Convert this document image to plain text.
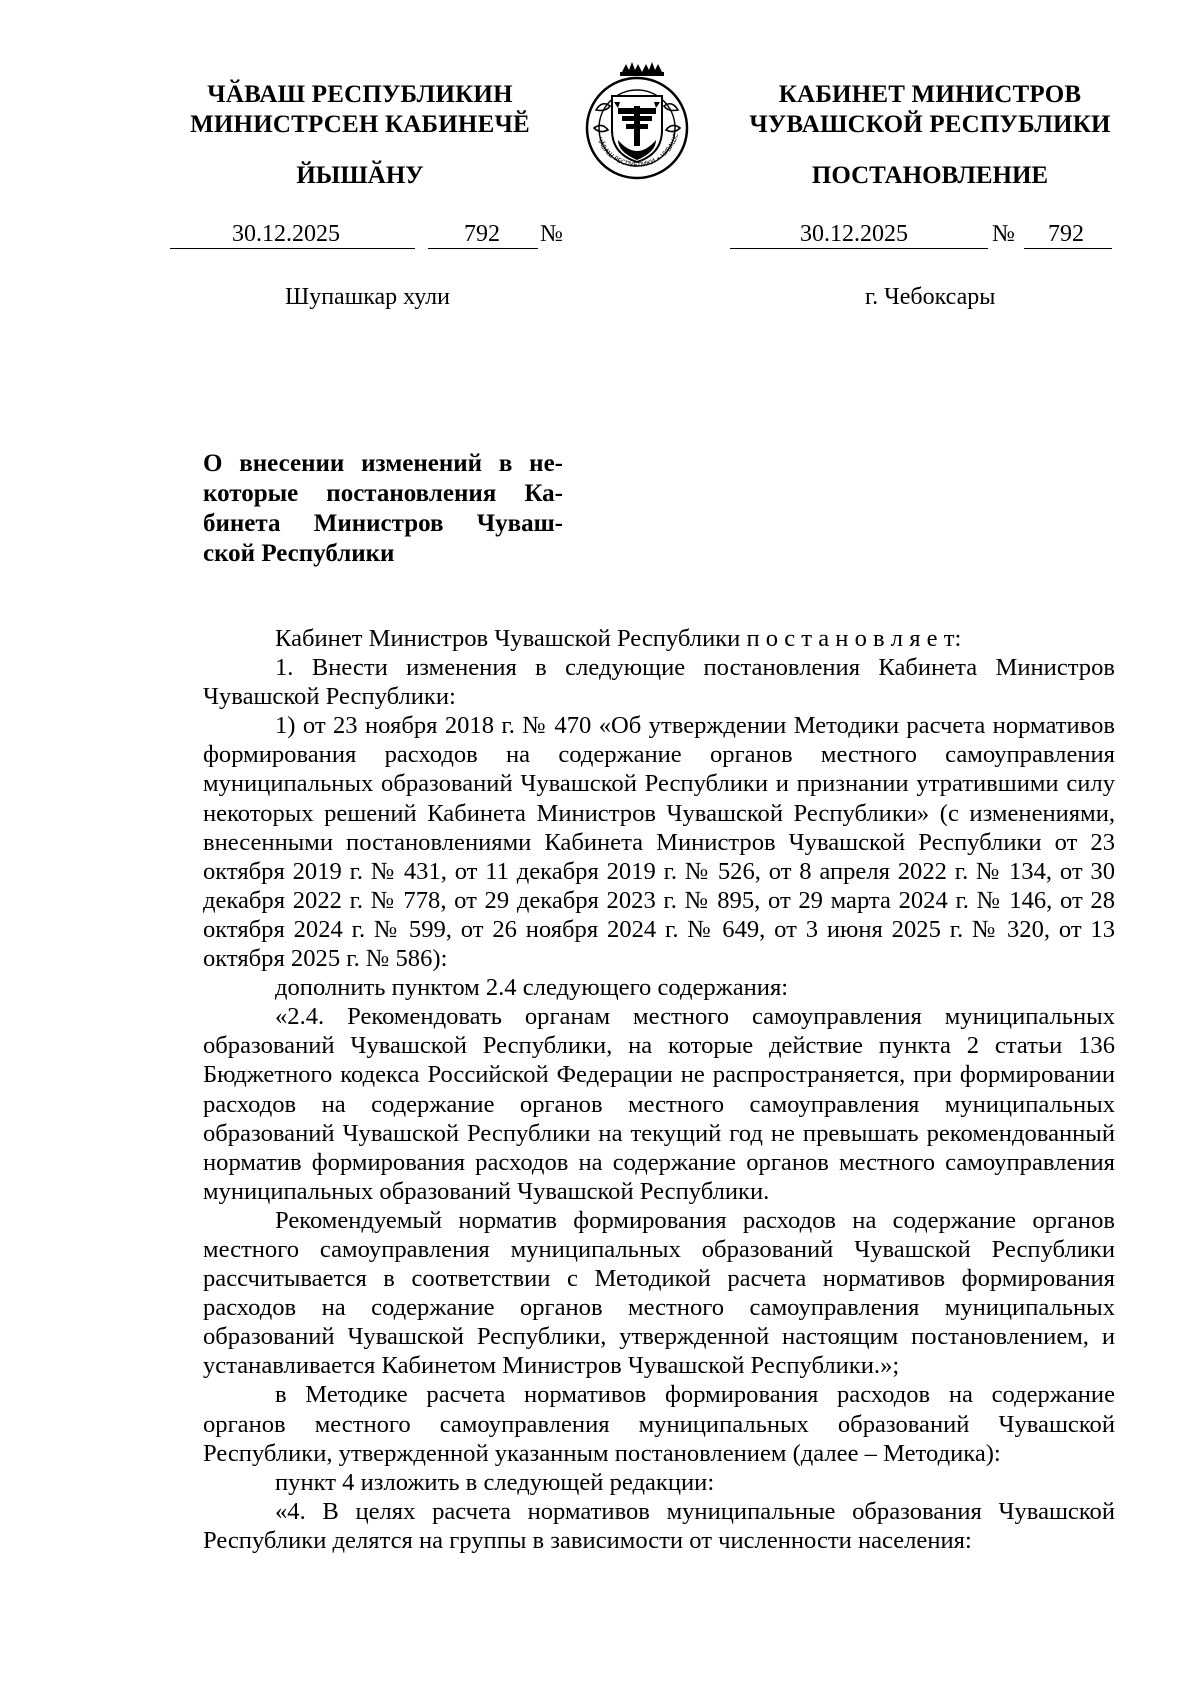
ЧӐВАШ РЕСПУБЛИКИН
МИНИСТРСЕН КАБИНЕЧӖ
ЙЫШӐНУ
ЧӐВАШ РЕСПУБЛИКИ • ЧУВАШС
КАБИНЕТ МИНИСТРОВ
ЧУВАШСКОЙ РЕСПУБЛИКИ
ПОСТАНОВЛЕНИЕ
30.12.2025	792 №
Шупашкар хули
30.12.2025	№ 792
г. Чебоксары
О внесении изменений в не-
которые постановления Ка-
бинета Министров Чуваш-
ской Республики

Кабинет Министров Чувашской Республики п о с т а н о в л я е т:

1. Внести изменения в следующие постановления Кабинета Министров Чувашской Республики:

1) от 23 ноября 2018 г. № 470 «Об утверждении Методики расчета нормативов формирования расходов на содержание органов местного самоуправления муниципальных образований Чувашской Республики и признании утратившими силу некоторых решений Кабинета Министров Чувашской Республики» (с изменениями, внесенными постановлениями Кабинета Министров Чувашской Республики от 23 октября 2019 г. № 431, от 11 декабря 2019 г. № 526, от 8 апреля 2022 г. № 134, от 30 декабря 2022 г. № 778, от 29 декабря 2023 г. № 895, от 29 марта 2024 г. № 146, от 28 октября 2024 г. № 599, от 26 ноября 2024 г. № 649, от 3 июня 2025 г. № 320, от 13 октября 2025 г. № 586):

дополнить пунктом 2.4 следующего содержания:

«2.4. Рекомендовать органам местного самоуправления муниципальных образований Чувашской Республики, на которые действие пункта 2 статьи 136 Бюджетного кодекса Российской Федерации не распространяется, при формировании расходов на содержание органов местного самоуправления муниципальных образований Чувашской Республики на текущий год не превышать рекомендованный норматив формирования расходов на содержание органов местного самоуправления муниципальных образований Чувашской Республики.

Рекомендуемый норматив формирования расходов на содержание органов местного самоуправления муниципальных образований Чувашской Республики рассчитывается в соответствии с Методикой расчета нормативов формирования расходов на содержание органов местного самоуправления муниципальных образований Чувашской Республики, утвержденной настоящим постановлением, и устанавливается Кабинетом Министров Чувашской Республики.»;

в Методике расчета нормативов формирования расходов на содержание органов местного самоуправления муниципальных образований Чувашской Республики, утвержденной указанным постановлением (далее – Методика):

пункт 4 изложить в следующей редакции:

«4. В целях расчета нормативов муниципальные образования Чувашской Республики делятся на группы в зависимости от численности населения:
